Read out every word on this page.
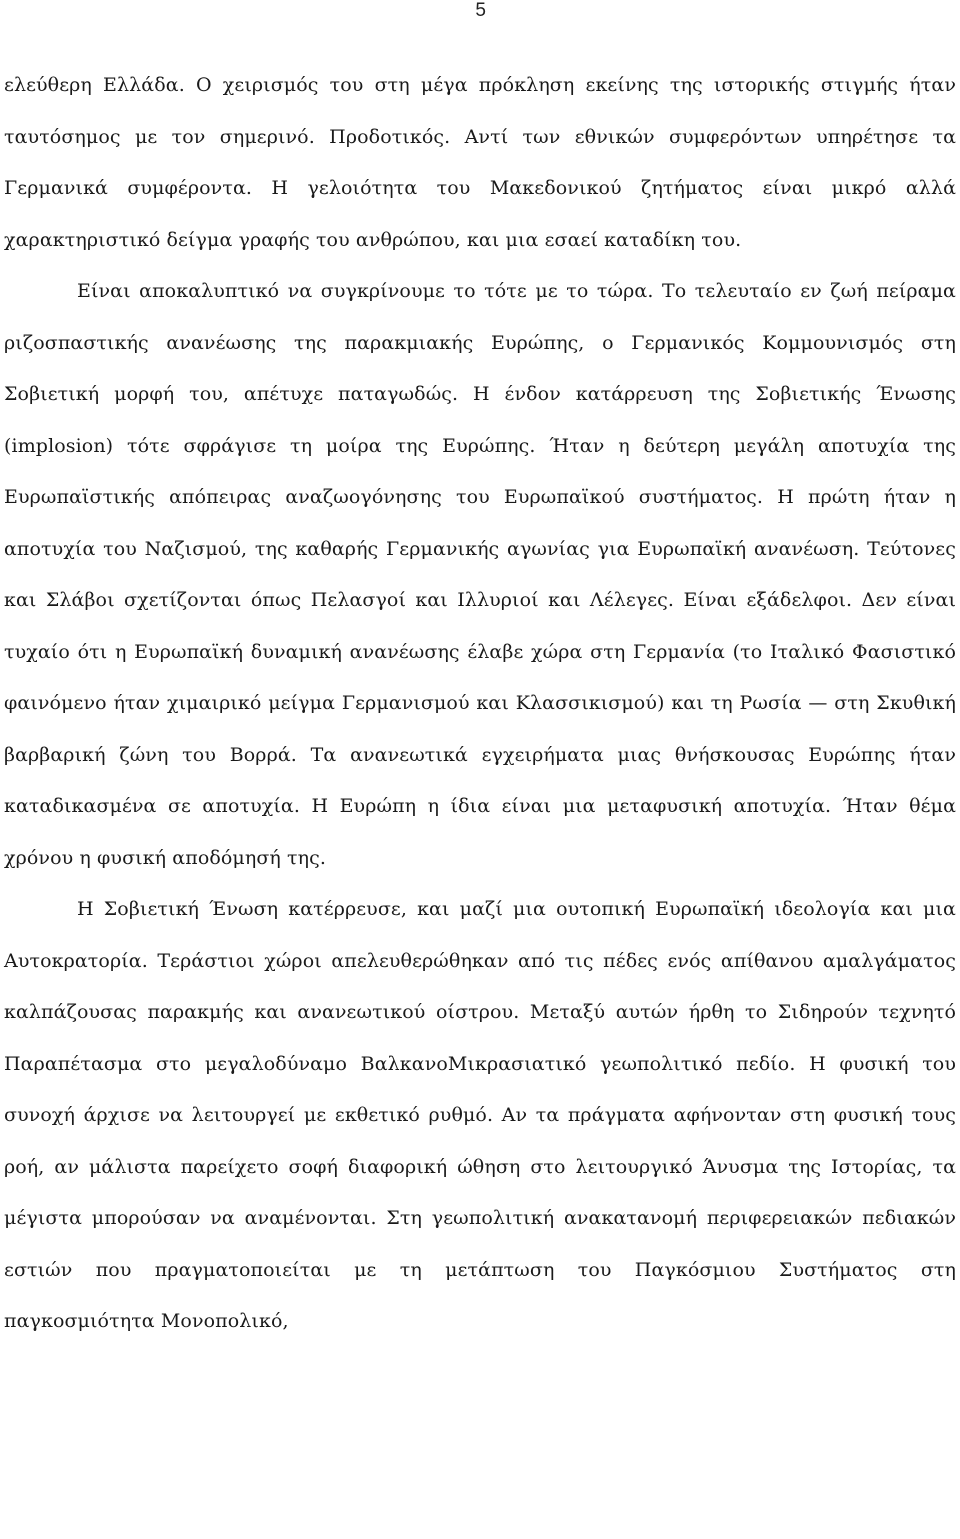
5

ελεύθερη Ελλάδα. Ο χειρισμός του στη μέγα πρόκληση εκείνης της ιστορικής στιγμής ήταν ταυτόσημος με τον σημερινό. Προδοτικός. Αντί των εθνικών συμφερόντων υπηρέτησε τα Γερμανικά συμφέροντα. Η γελοιότητα του Μακεδονικού ζητήματος είναι μικρό αλλά χαρακτηριστικό δείγμα γραφής του ανθρώπου, και μια εσαεί καταδίκη του.

Είναι αποκαλυπτικό να συγκρίνουμε το τότε με το τώρα. Το τελευταίο εν ζωή πείραμα ριζοσπαστικής ανανέωσης της παρακμιακής Ευρώπης, ο Γερμανικός Κομμουνισμός στη Σοβιετική μορφή του, απέτυχε παταγωδώς. Η ένδον κατάρρευση της Σοβιετικής Ένωσης (implosion) τότε σφράγισε τη μοίρα της Ευρώπης. Ήταν η δεύτερη μεγάλη αποτυχία της Ευρωπαϊστικής απόπειρας αναζωογόνησης του Ευρωπαϊκού συστήματος. Η πρώτη ήταν η αποτυχία του Ναζισμού, της καθαρής Γερμανικής αγωνίας για Ευρωπαϊκή ανανέωση. Τεύτονες και Σλάβοι σχετίζονται όπως Πελασγοί και Ιλλυριοί και Λέλεγες. Είναι εξάδελφοι. Δεν είναι τυχαίο ότι η Ευρωπαϊκή δυναμική ανανέωσης έλαβε χώρα στη Γερμανία (το Ιταλικό Φασιστικό φαινόμενο ήταν χιμαιρικό μείγμα Γερμανισμού και Κλασσικισμού) και τη Ρωσία — στη Σκυθική βαρβαρική ζώνη του Βορρά. Τα ανανεωτικά εγχειρήματα μιας θνήσκουσας Ευρώπης ήταν καταδικασμένα σε αποτυχία. Η Ευρώπη η ίδια είναι μια μεταφυσική αποτυχία. Ήταν θέμα χρόνου η φυσική αποδόμησή της.

Η Σοβιετική Ένωση κατέρρευσε, και μαζί μια ουτοπική Ευρωπαϊκή ιδεολογία και μια Αυτοκρατορία. Τεράστιοι χώροι απελευθερώθηκαν από τις πέδες ενός απίθανου αμαλγάματος καλπάζουσας παρακμής και ανανεωτικού οίστρου. Μεταξύ αυτών ήρθη το Σιδηρούν τεχνητό Παραπέτασμα στο μεγαλοδύναμο ΒαλκανοΜικρασιατικό γεωπολιτικό πεδίο. Η φυσική του συνοχή άρχισε να λειτουργεί με εκθετικό ρυθμό. Αν τα πράγματα αφήνονταν στη φυσική τους ροή, αν μάλιστα παρείχετο σοφή διαφορική ώθηση στο λειτουργικό Άνυσμα της Ιστορίας, τα μέγιστα μπορούσαν να αναμένονται. Στη γεωπολιτική ανακατανομή περιφερειακών πεδιακών εστιών που πραγματοποιείται με τη μετάπτωση του Παγκόσμιου Συστήματος στη παγκοσμιότητα Μονοπολικό,
